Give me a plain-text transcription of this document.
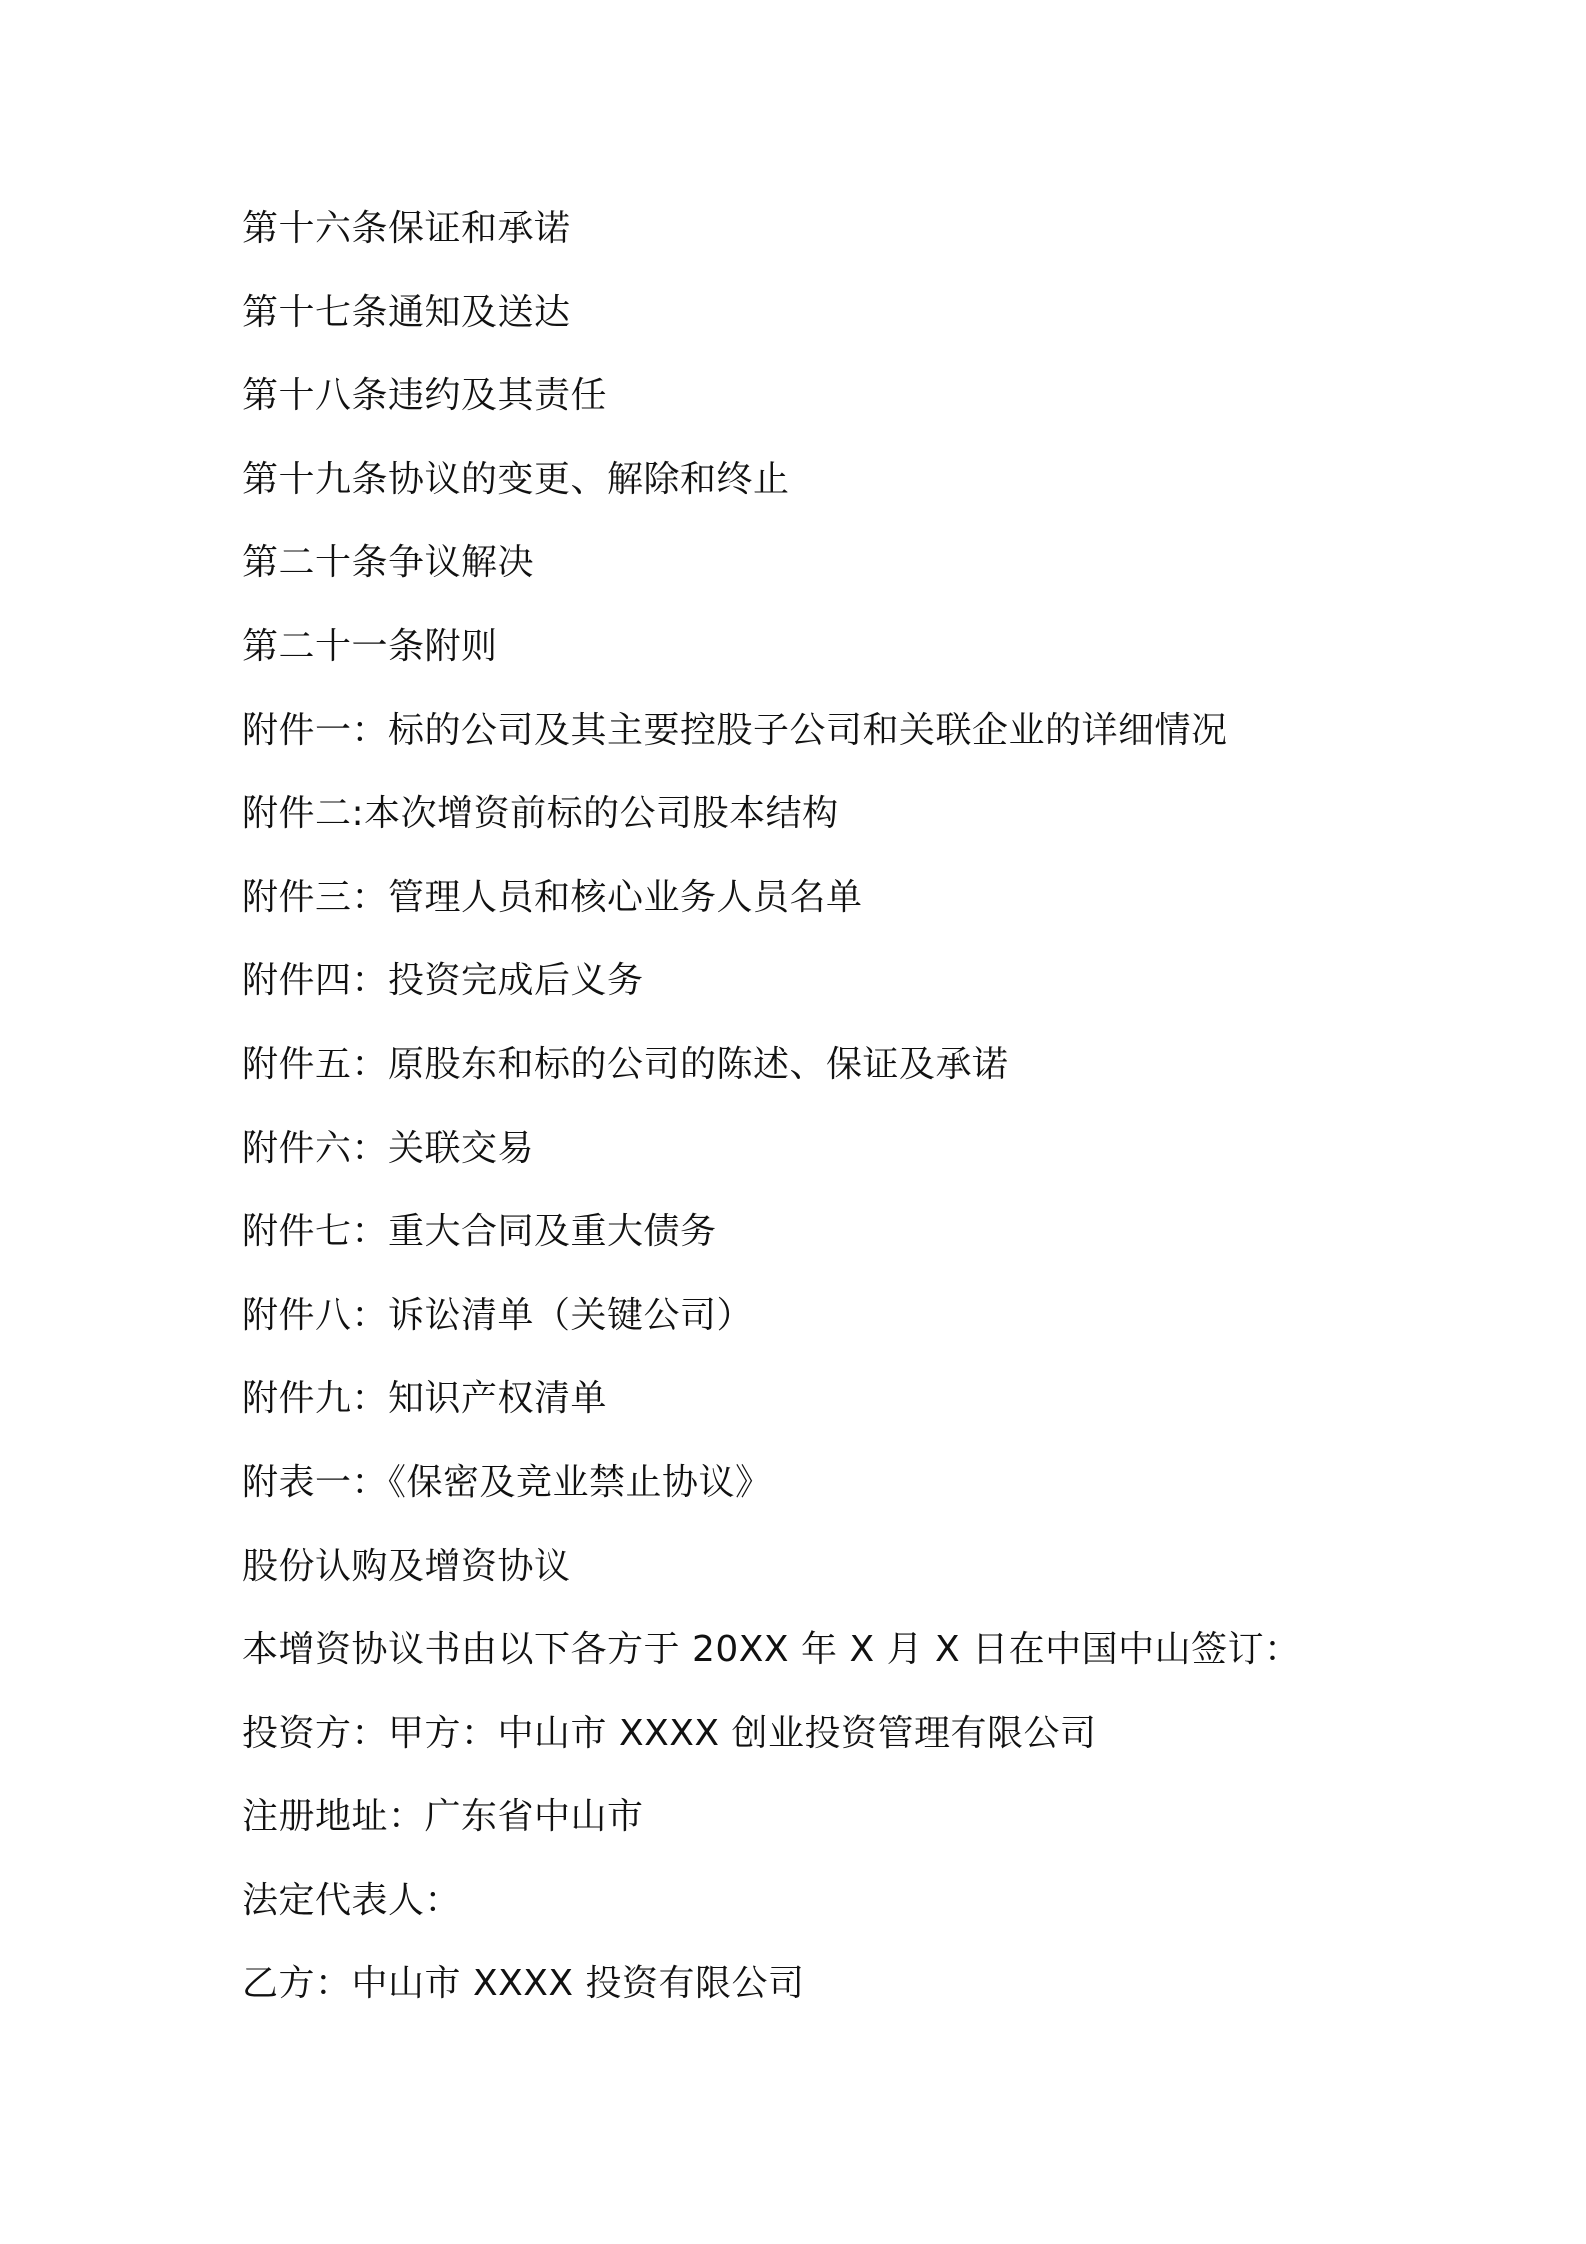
第十六条保证和承诺
第十七条通知及送达
第十八条违约及其责任
第十九条协议的变更、解除和终止
第二十条争议解决
第二十一条附则
附件一：标的公司及其主要控股子公司和关联企业的详细情况
附件二:本次增资前标的公司股本结构
附件三：管理人员和核心业务人员名单
附件四：投资完成后义务
附件五：原股东和标的公司的陈述、保证及承诺
附件六：关联交易
附件七：重大合同及重大债务
附件八：诉讼清单（关键公司）
附件九：知识产权清单
附表一：《保密及竞业禁止协议》
股份认购及增资协议
本增资协议书由以下各方于 20XX 年 X 月 X 日在中国中山签订：
投资方：甲方：中山市 XXXX 创业投资管理有限公司
注册地址：广东省中山市
法定代表人：
乙方：中山市 XXXX 投资有限公司
